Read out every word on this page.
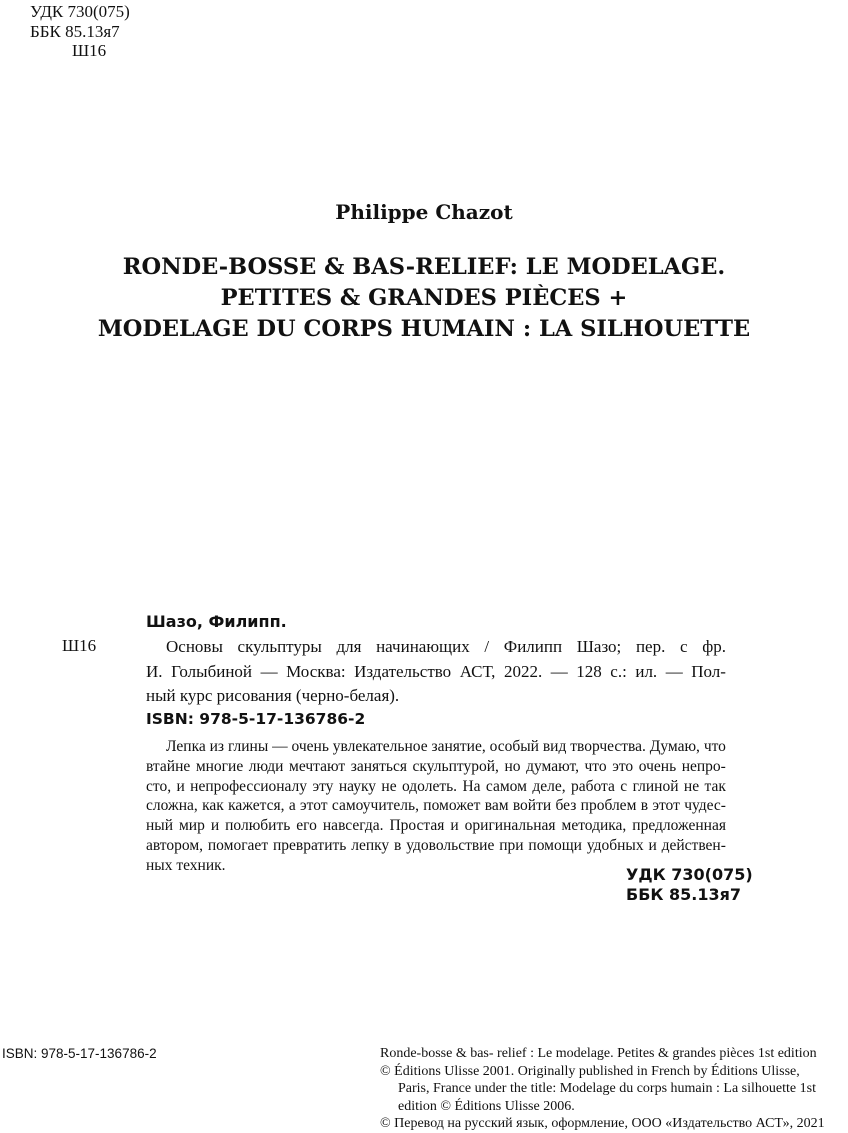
УДК 730(075)
ББК 85.13я7
Ш16
Philippe Chazot
RONDE-BOSSE & BAS-RELIEF: LE MODELAGE.
PETITES & GRANDES PIÈCES +
MODELAGE DU CORPS HUMAIN : LA SILHOUETTE
Шазо, Филипп.
Ш16	Основы скульптуры для начинающих / Филипп Шазо; пер. с фр.
И. Голыбиной — Москва: Издательство АСТ, 2022. — 128 с.: ил. — Пол-
ный курс рисования (черно-белая).
ISBN: 978-5-17-136786-2
Лепка из глины — очень увлекательное занятие, особый вид творчества. Думаю, что
втайне многие люди мечтают заняться скульптурой, но думают, что это очень непро-
сто, и непрофессионалу эту науку не одолеть. На самом деле, работа с глиной не так
сложна, как кажется, а этот самоучитель, поможет вам войти без проблем в этот чудес-
ный мир и полюбить его навсегда. Простая и оригинальная методика, предложенная
автором, помогает превратить лепку в удовольствие при помощи удобных и действен-
ных техник.	УДК 730(075)
ББК 85.13я7
ISBN: 978-5-17-136786-2	Ronde-bosse & bas- relief : Le modelage. Petites & grandes pièces 1st edition
© Éditions Ulisse 2001. Originally published in French by Éditions Ulisse,
Paris, France under the title: Modelage du corps humain : La silhouette 1st
edition © Éditions Ulisse 2006.
© Перевод на русский язык, оформление, ООО «Издательство АСТ», 2021
